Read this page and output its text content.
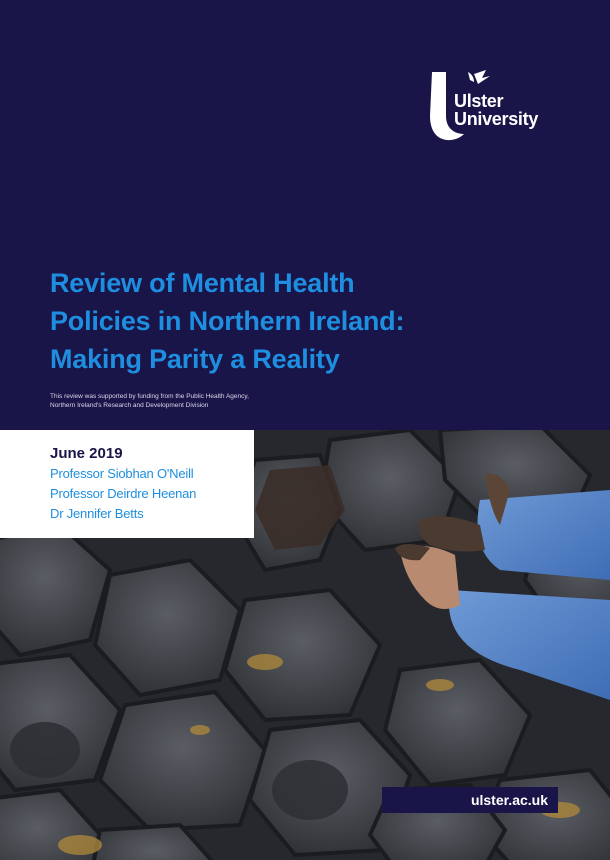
Ulster
University
Review of Mental Health
Policies in Northern Ireland:
Making Parity a Reality

This review was supported by funding from the Public Health Agency,
Northern Ireland's Research and Development Division

June 2019

Professor Siobhan O'Neill

Professor Deirdre Heenan

Dr Jennifer Betts

ulster.ac.uk
